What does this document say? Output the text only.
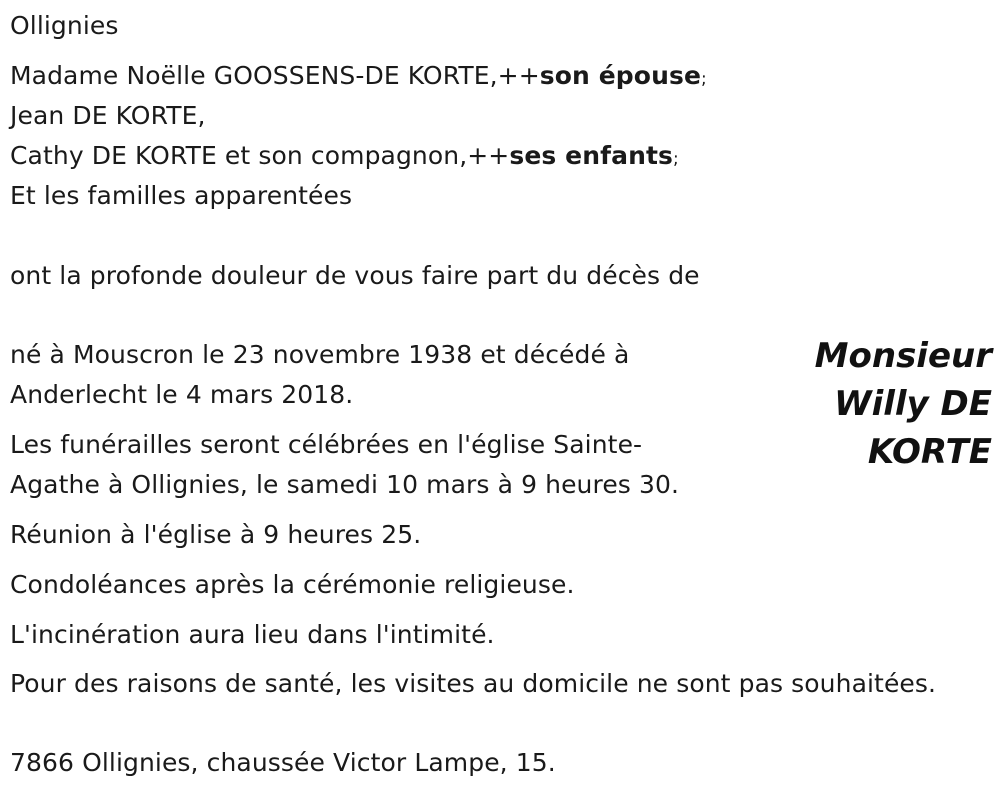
Ollignies
Madame Noëlle GOOSSENS-DE KORTE,++son épouse;
Jean DE KORTE,
Cathy DE KORTE et son compagnon,++ses enfants;
Et les familles apparentées
ont la profonde douleur de vous faire part du décès de
né à Mouscron le 23 novembre 1938 et décédé à
Anderlecht le 4 mars 2018.
Les funérailles seront célébrées en l'église Sainte-
Agathe à Ollignies, le samedi 10 mars à 9 heures 30.
Réunion à l'église à 9 heures 25.
Condoléances après la cérémonie religieuse.
L'incinération aura lieu dans l'intimité.
Pour des raisons de santé, les visites au domicile ne sont pas souhaitées.
7866 Ollignies, chaussée Victor Lampe, 15.
Monsieur
Willy DE
KORTE
